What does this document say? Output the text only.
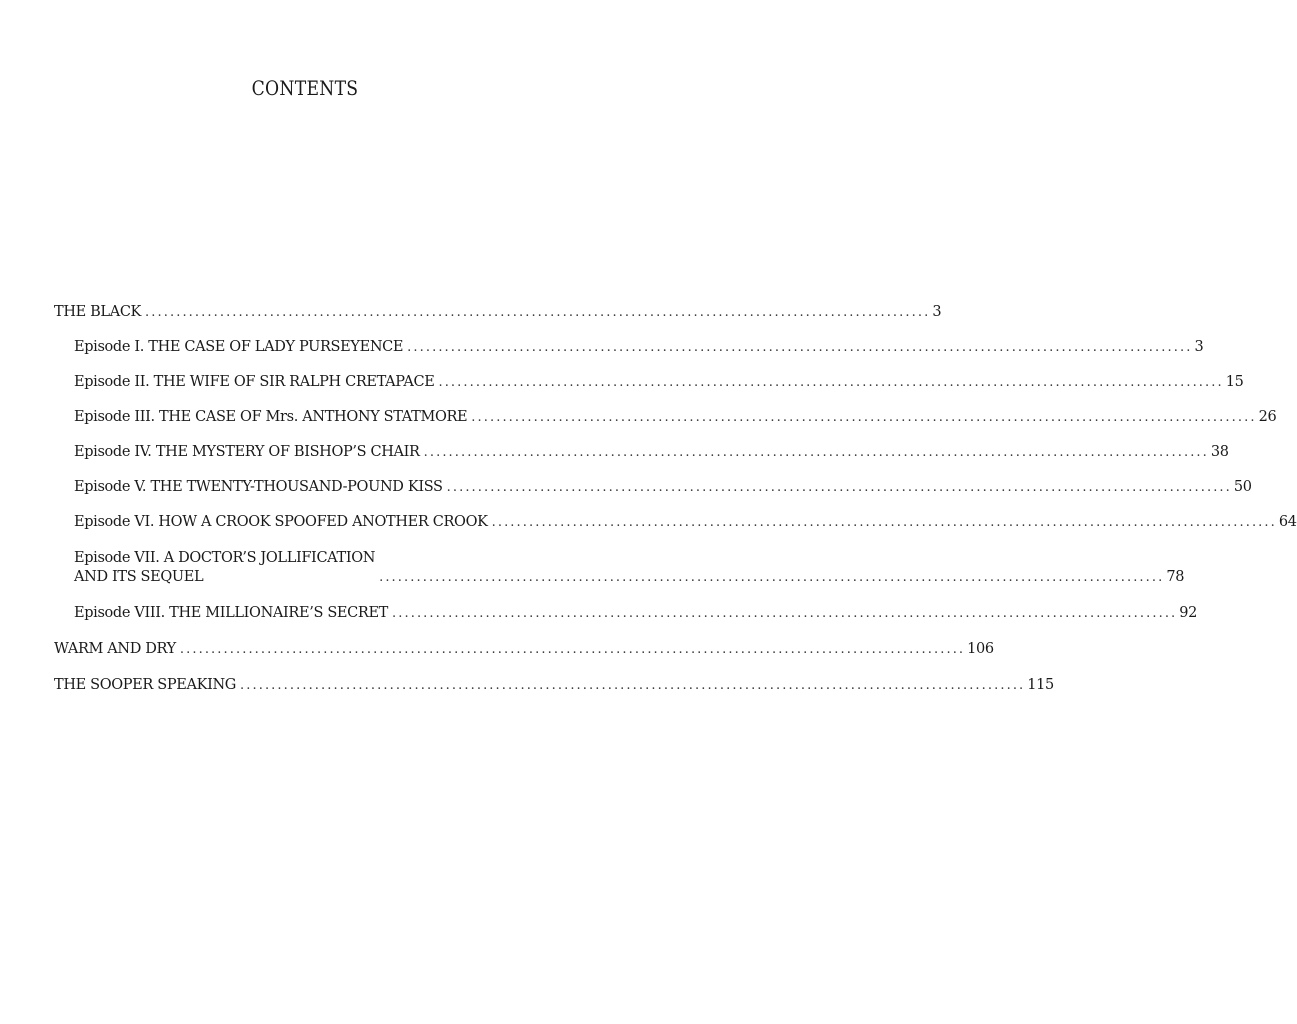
CONTENTS
THE BLACK .............................................................................................................................. 3
Episode I. THE CASE OF LADY PURSEYENCE .............................................................................................................................. 3
Episode II. THE WIFE OF SIR RALPH CRETAPACE .............................................................................................................................. 15
Episode III. THE CASE OF Mrs. ANTHONY STATMORE .............................................................................................................................. 26
Episode IV. THE MYSTERY OF BISHOP’S CHAIR .............................................................................................................................. 38
Episode V. THE TWENTY-THOUSAND-POUND KISS .............................................................................................................................. 50
Episode VI. HOW A CROOK SPOOFED ANOTHER CROOK .............................................................................................................................. 64
Episode VII. A DOCTOR’S JOLLIFICATION
AND ITS SEQUEL	.............................................................................................................................. 78
Episode VIII. THE MILLIONAIRE’S SECRET .............................................................................................................................. 92
WARM AND DRY .............................................................................................................................. 106
THE SOOPER SPEAKING .............................................................................................................................. 115
